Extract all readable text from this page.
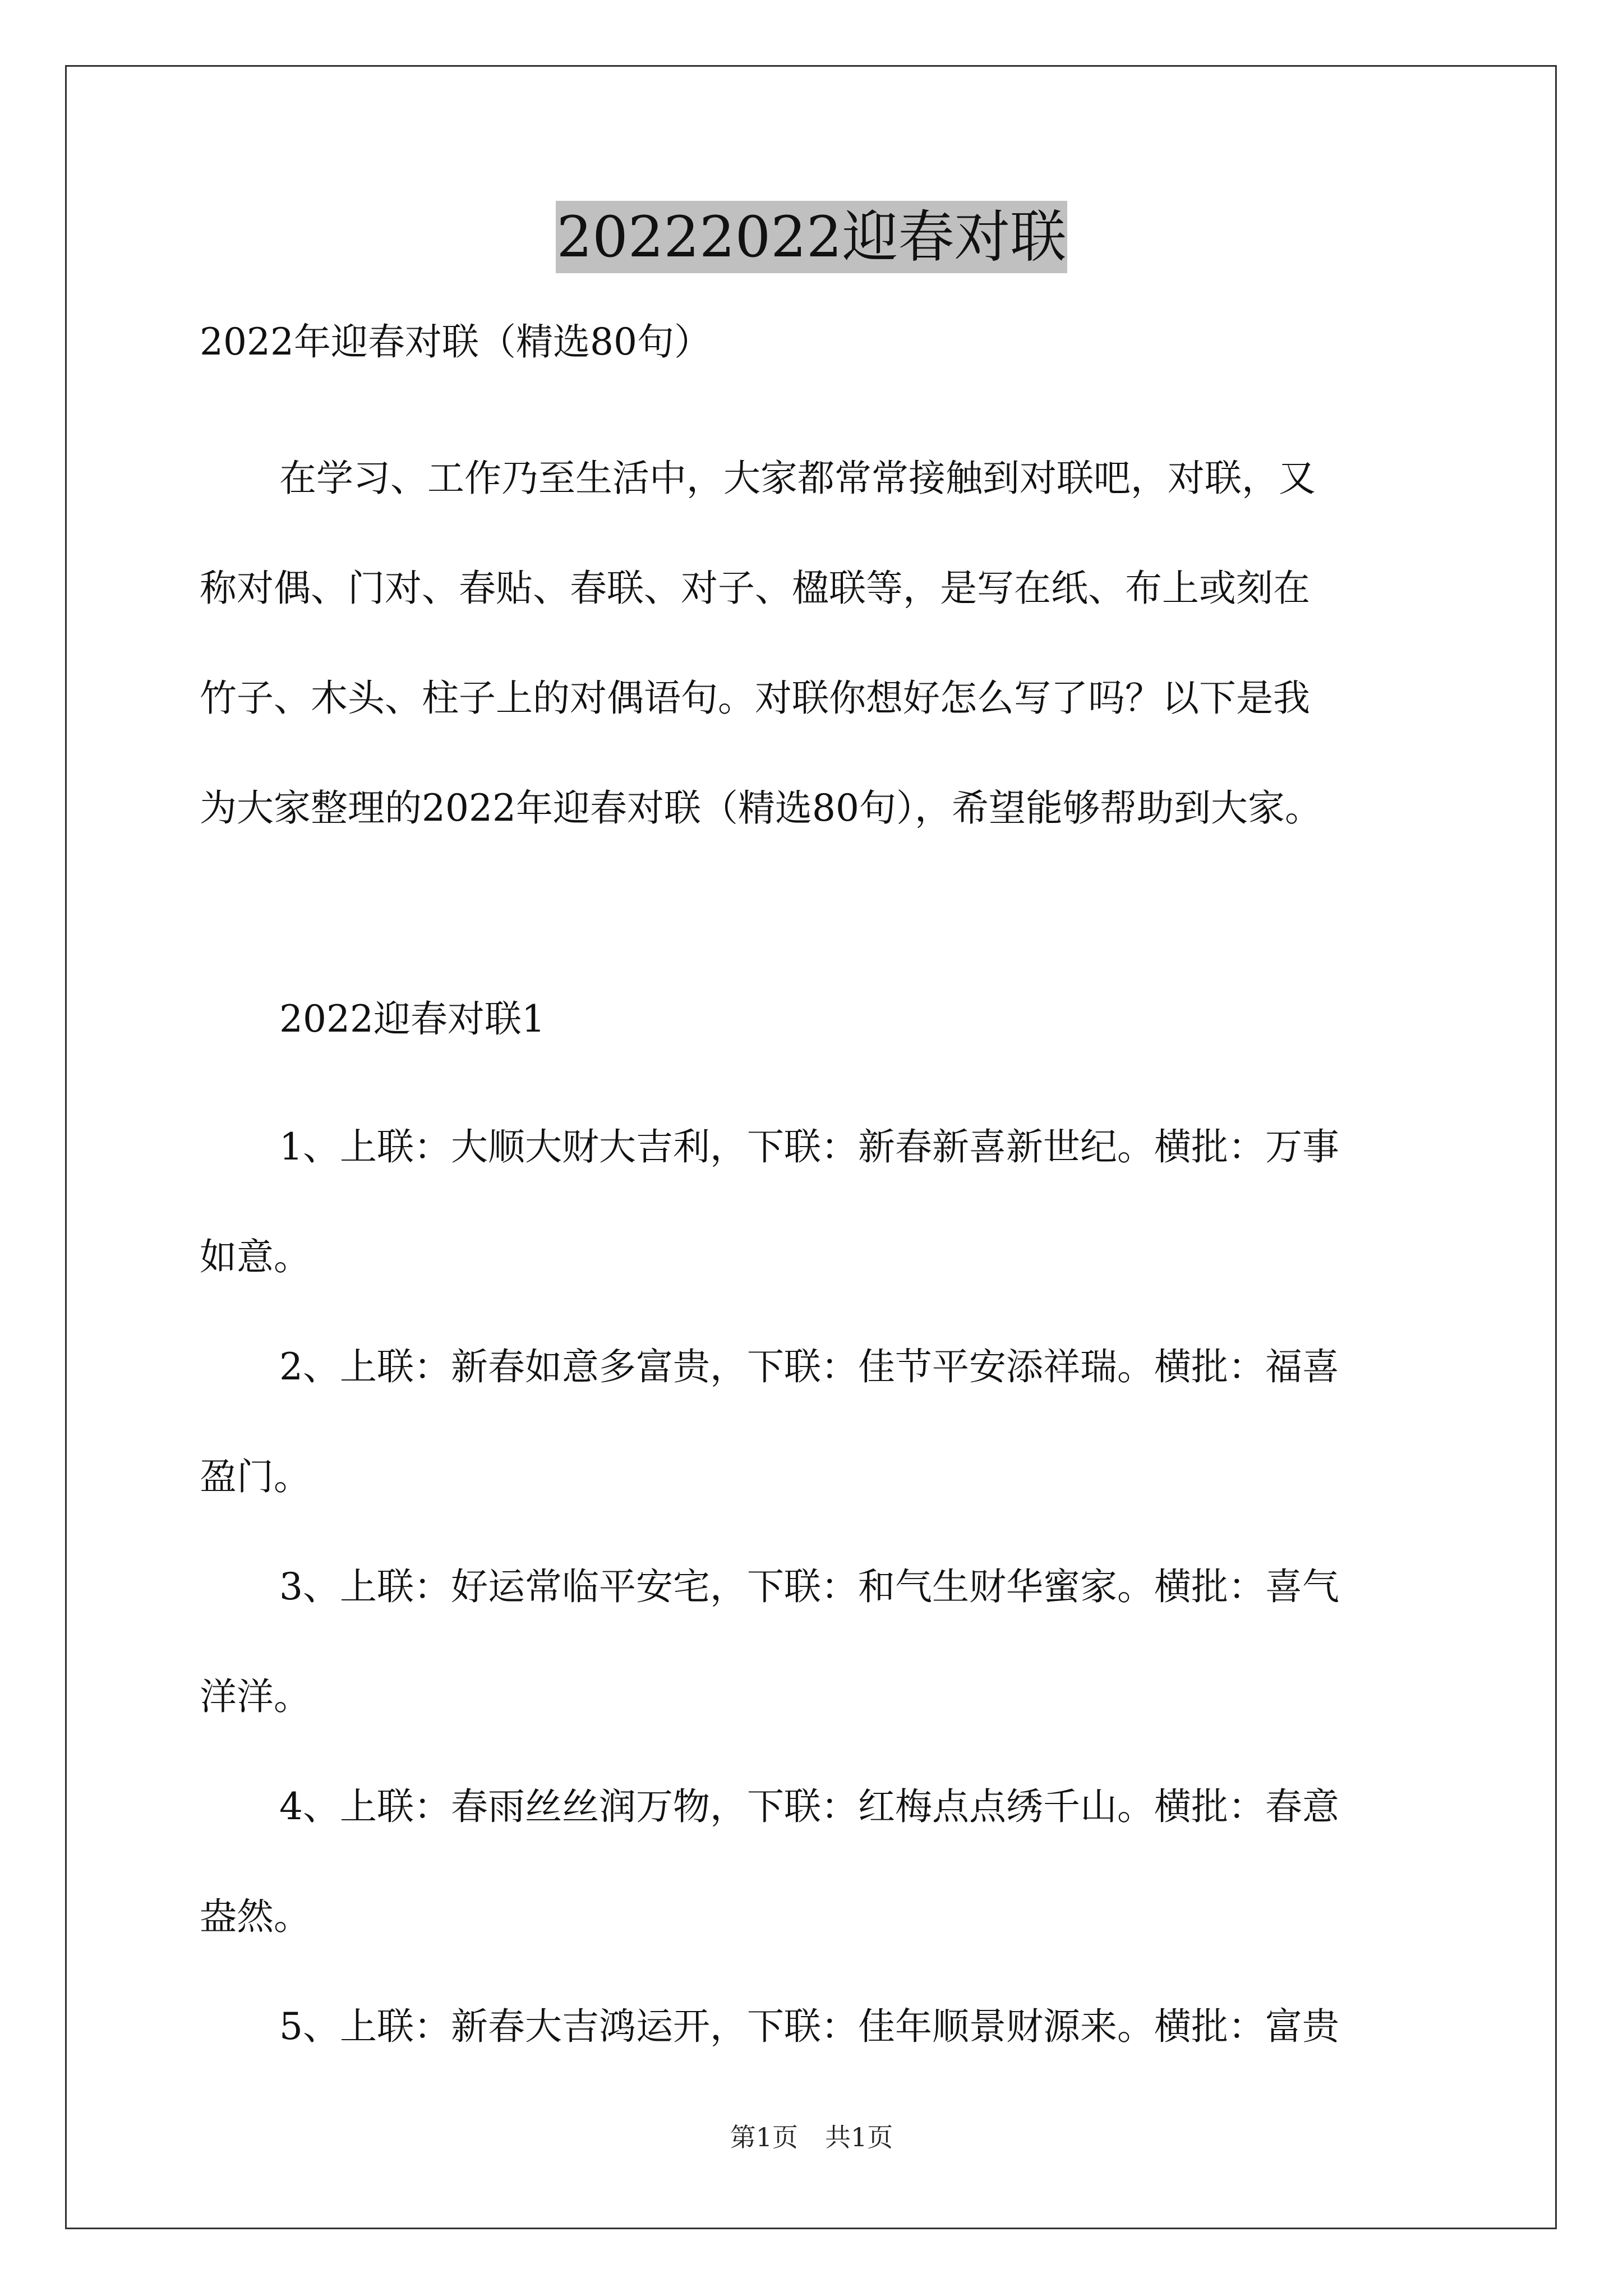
20222022迎春对联

2022年迎春对联（精选80句）

在学习、工作乃至生活中，大家都常常接触到对联吧，对联，又

称对偶、门对、春贴、春联、对子、楹联等，是写在纸、布上或刻在

竹子、木头、柱子上的对偶语句。对联你想好怎么写了吗？以下是我

为大家整理的2022年迎春对联（精选80句），希望能够帮助到大家。

2022迎春对联1

1、上联：大顺大财大吉利，下联：新春新喜新世纪。横批：万事

如意。

2、上联：新春如意多富贵，下联：佳节平安添祥瑞。横批：福喜

盈门。

3、上联：好运常临平安宅，下联：和气生财华蜜家。横批：喜气

洋洋。

4、上联：春雨丝丝润万物，下联：红梅点点绣千山。横批：春意

盎然。

5、上联：新春大吉鸿运开，下联：佳年顺景财源来。横批：富贵

第1页 共1页
